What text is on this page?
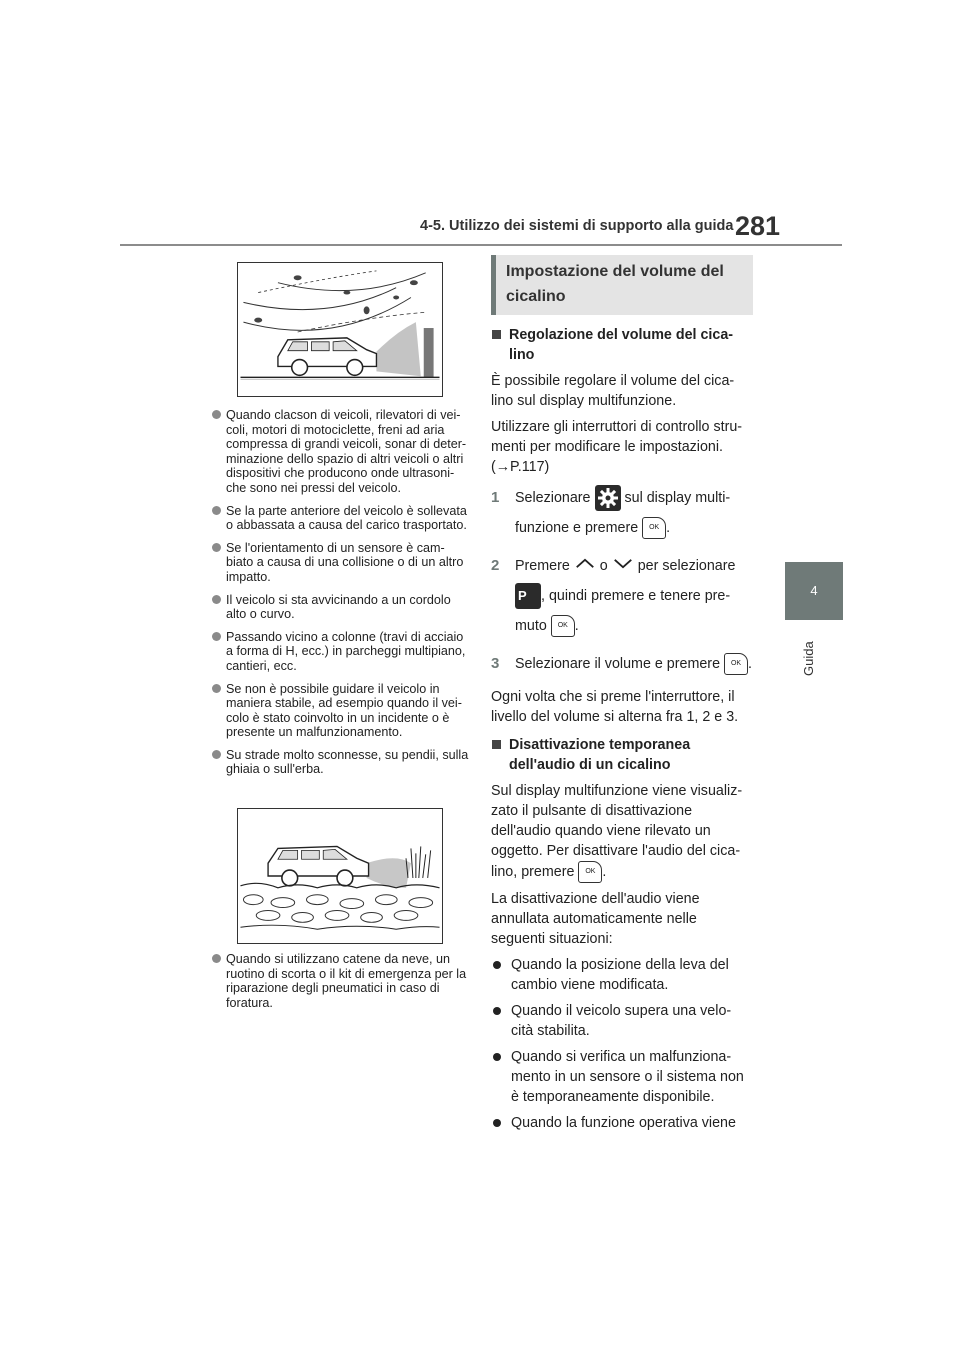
4-5. Utilizzo dei sistemi di supporto alla guida 281
4
Guida
Quando clacson di veicoli, rilevatori di vei-coli, motori di motociclette, freni ad aria compressa di grandi veicoli, sonar di deter-minazione dello spazio di altri veicoli o altri dispositivi che producono onde ultrasoni-che sono nei pressi del veicolo.
Se la parte anteriore del veicolo è sollevata o abbassata a causa del carico trasportato.
Se l'orientamento di un sensore è cam-biato a causa di una collisione o di un altro impatto.
Il veicolo si sta avvicinando a un cordolo alto o curvo.
Passando vicino a colonne (travi di acciaio a forma di H, ecc.) in parcheggi multipiano, cantieri, ecc.
Se non è possibile guidare il veicolo in maniera stabile, ad esempio quando il vei-colo è stato coinvolto in un incidente o è presente un malfunzionamento.
Su strade molto sconnesse, su pendii, sulla ghiaia o sull'erba.
Quando si utilizzano catene da neve, un ruotino di scorta o il kit di emergenza per la riparazione degli pneumatici in caso di foratura.
Impostazione del volume del cicalino
Regolazione del volume del cica-lino

È possibile regolare il volume del cica-lino sul display multifunzione.

Utilizzare gli interruttori di controllo stru-menti per modificare le impostazioni.

(→P.117)

1 Selezionare sul display multi-funzione e premere OK .
2 Premere o per selezionare P , quindi premere e tenere pre-muto OK .
3 Selezionare il volume e premere OK .

Ogni volta che si preme l'interruttore, il livello del volume si alterna fra 1, 2 e 3.

Disattivazione temporanea dell'audio di un cicalino

Sul display multifunzione viene visualiz-zato il pulsante di disattivazione dell'audio quando viene rilevato un oggetto. Per disattivare l'audio del cica-lino, premere OK .

La disattivazione dell'audio viene annullata automaticamente nelle seguenti situazioni:

Quando la posizione della leva del cambio viene modificata.
Quando il veicolo supera una velo-cità stabilita.
Quando si verifica un malfunziona-mento in un sensore o il sistema non è temporaneamente disponibile.
Quando la funzione operativa viene
